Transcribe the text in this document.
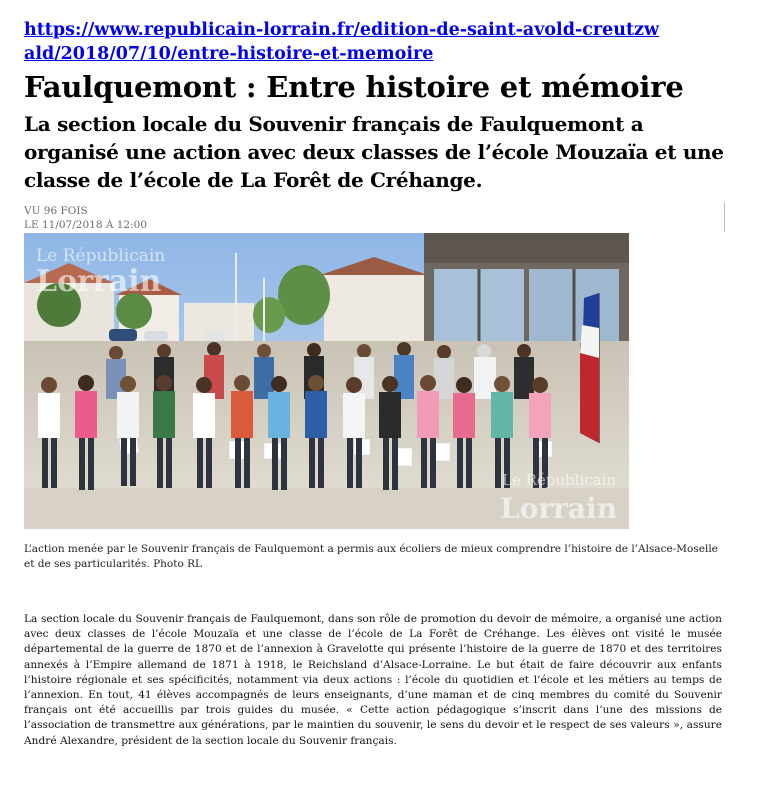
https://www.republicain-lorrain.fr/edition-de-saint-avold-creutzwald/2018/07/10/entre-histoire-et-memoire
Faulquemont : Entre histoire et mémoire
La section locale du Souvenir français de Faulquemont a organisé une action avec deux classes de l’école Mouzaïa et une classe de l’école de La Forêt de Créhange.
VU 96 FOIS
LE 11/07/2018 À 12:00
Le Républicain
Lorrain
Le Républicain
Lorrain
L’action menée par le Souvenir français de Faulquemont a permis aux écoliers de mieux comprendre l’histoire de l’Alsace-Moselle et de ses particularités. Photo RL
La section locale du Souvenir français de Faulquemont, dans son rôle de promotion du devoir de mémoire, a organisé une action avec deux classes de l’école Mouzaïa et une classe de l’école de La Forêt de Créhange. Les élèves ont visité le musée départemental de la guerre de 1870 et de l’annexion à Gravelotte qui présente l’histoire de la guerre de 1870 et des territoires annexés à l’Empire allemand de 1871 à 1918, le Reichsland d’Alsace-Lorraine. Le but était de faire découvrir aux enfants l’histoire régionale et ses spécificités, notamment via deux actions : l’école du quotidien et l’école et les métiers au temps de l’annexion. En tout, 41 élèves accompagnés de leurs enseignants, d’une maman et de cinq membres du comité du Souvenir français ont été accueillis par trois guides du musée. « Cette action pédagogique s’inscrit dans l’une des missions de l’association de transmettre aux générations, par le maintien du souvenir, le sens du devoir et le respect de ses valeurs », assure André Alexandre, président de la section locale du Souvenir français.
